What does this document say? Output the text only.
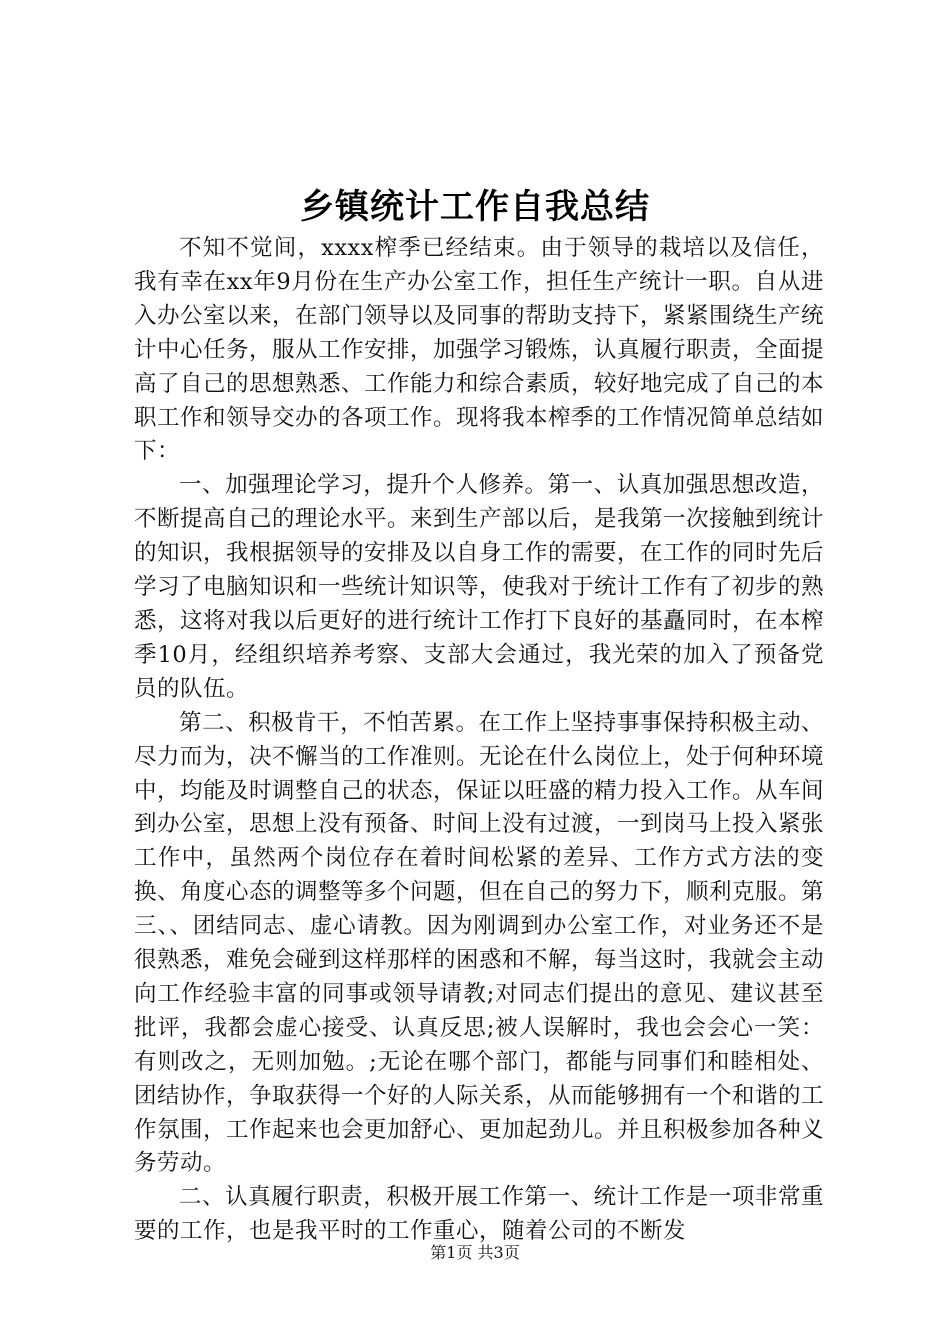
乡镇统计工作自我总结

不知不觉间，xxxx榨季已经结束。由于领导的栽培以及信任，我有幸在xx年9月份在生产办公室工作，担任生产统计一职。自从进入办公室以来，在部门领导以及同事的帮助支持下，紧紧围绕生产统计中心任务，服从工作安排，加强学习锻炼，认真履行职责，全面提高了自己的思想熟悉、工作能力和综合素质，较好地完成了自己的本职工作和领导交办的各项工作。现将我本榨季的工作情况简单总结如下：

一、加强理论学习，提升个人修养。第一、认真加强思想改造，不断提高自己的理论水平。来到生产部以后，是我第一次接触到统计的知识，我根据领导的安排及以自身工作的需要，在工作的同时先后学习了电脑知识和一些统计知识等，使我对于统计工作有了初步的熟悉，这将对我以后更好的进行统计工作打下良好的基矗同时，在本榨季10月，经组织培养考察、支部大会通过，我光荣的加入了预备党员的队伍。

第二、积极肯干，不怕苦累。在工作上坚持事事保持积极主动、尽力而为，决不懈当的工作准则。无论在什么岗位上，处于何种环境中，均能及时调整自己的状态，保证以旺盛的精力投入工作。从车间到办公室，思想上没有预备、时间上没有过渡，一到岗马上投入紧张工作中，虽然两个岗位存在着时间松紧的差异、工作方式方法的变换、角度心态的调整等多个问题，但在自己的努力下，顺利克服。第三、、团结同志、虚心请教。因为刚调到办公室工作，对业务还不是很熟悉，难免会碰到这样那样的困惑和不解，每当这时，我就会主动向工作经验丰富的同事或领导请教;对同志们提出的意见、建议甚至批评，我都会虚心接受、认真反思;被人误解时，我也会会心一笑：有则改之，无则加勉。;无论在哪个部门，都能与同事们和睦相处、团结协作，争取获得一个好的人际关系，从而能够拥有一个和谐的工作氛围，工作起来也会更加舒心、更加起劲儿。并且积极参加各种义务劳动。

二、认真履行职责，积极开展工作第一、统计工作是一项非常重要的工作，也是我平时的工作重心，随着公司的不断发

第1页 共3页
